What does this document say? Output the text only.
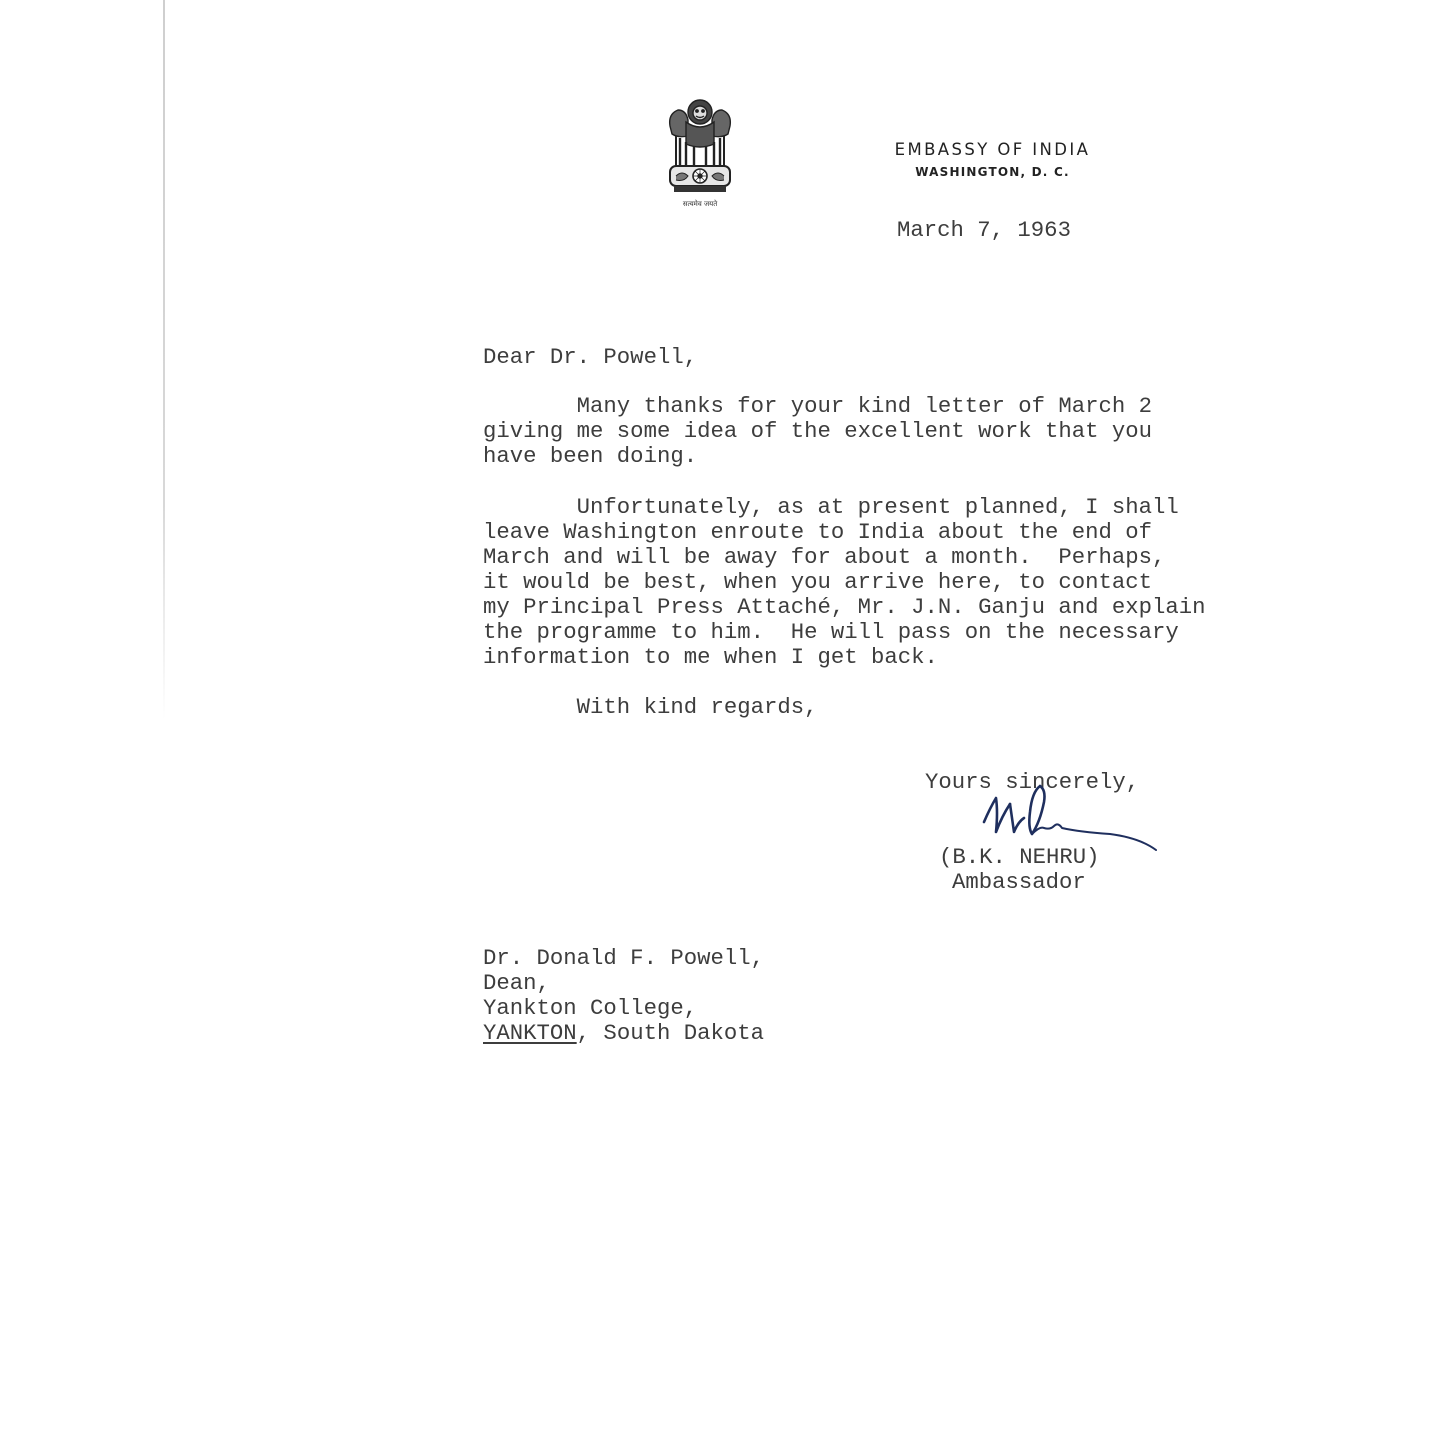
सत्यमेव जयते
EMBASSY OF INDIA
WASHINGTON, D. C.
March 7, 1963
Dear Dr. Powell,
Many thanks for your kind letter of March 2
giving me some idea of the excellent work that you
have been doing.
Unfortunately, as at present planned, I shall
leave Washington enroute to India about the end of
March and will be away for about a month.  Perhaps,
it would be best, when you arrive here, to contact
my Principal Press Attaché, Mr. J.N. Ganju and explain
the programme to him.  He will pass on the necessary
information to me when I get back.
With kind regards,
Yours sincerely,
(B.K. NEHRU)
Ambassador
Dr. Donald F. Powell,
Dean,
Yankton College,
YANKTON, South Dakota
